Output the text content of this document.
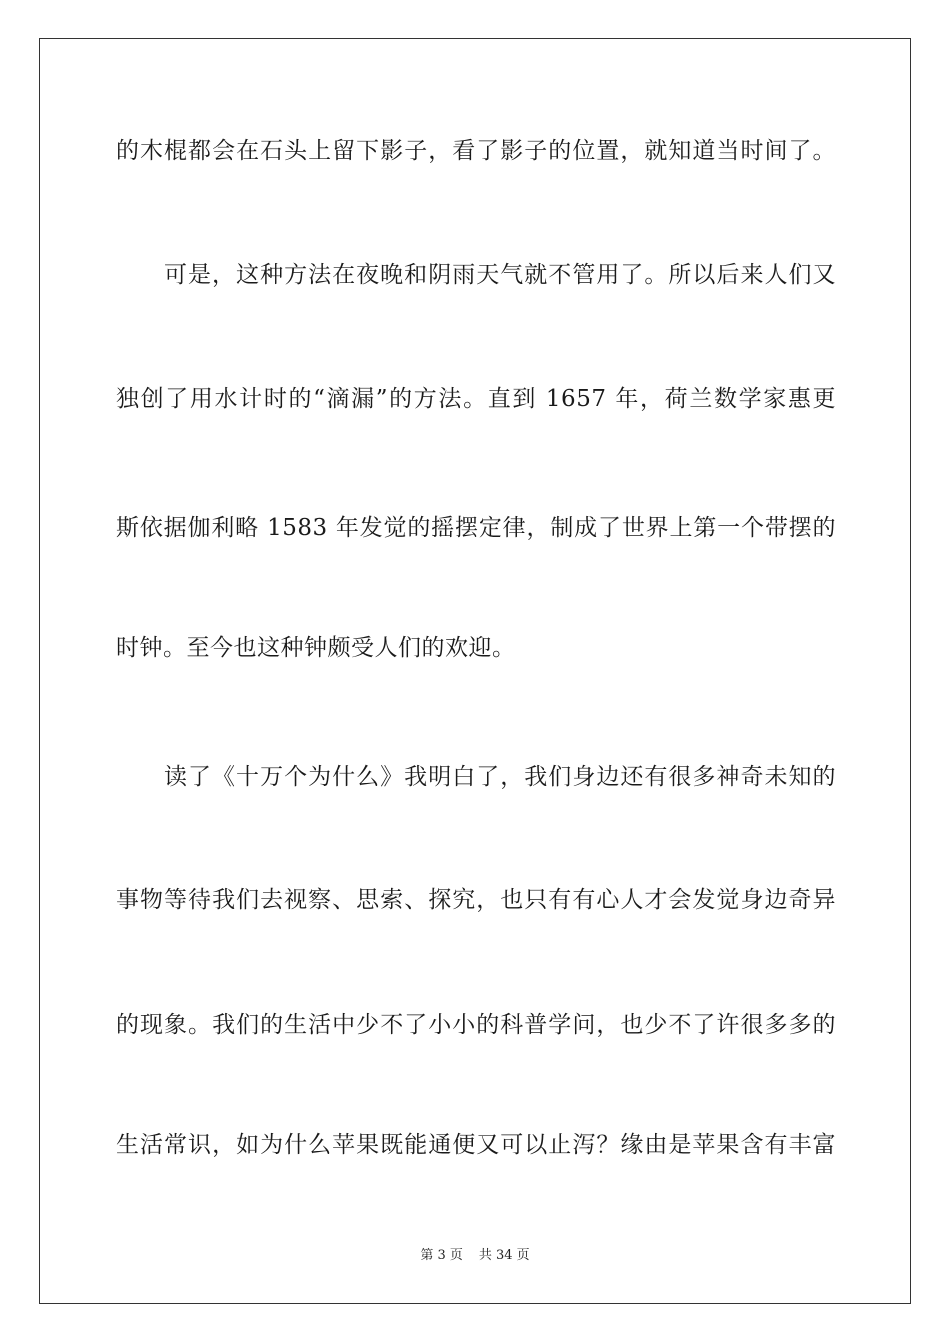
的木棍都会在石头上留下影子，看了影子的位置，就知道当时间了。
可是，这种方法在夜晚和阴雨天气就不管用了。所以后来人们又
独创了用水计时的“滴漏”的方法。直到 1657 年，荷兰数学家惠更
斯依据伽利略 1583 年发觉的摇摆定律，制成了世界上第一个带摆的
时钟。至今也这种钟颇受人们的欢迎。
读了《十万个为什么》我明白了，我们身边还有很多神奇未知的
事物等待我们去视察、思索、探究，也只有有心人才会发觉身边奇异
的现象。我们的生活中少不了小小的科普学问，也少不了许很多多的
生活常识，如为什么苹果既能通便又可以止泻？缘由是苹果含有丰富
第 3 页 共 34 页
